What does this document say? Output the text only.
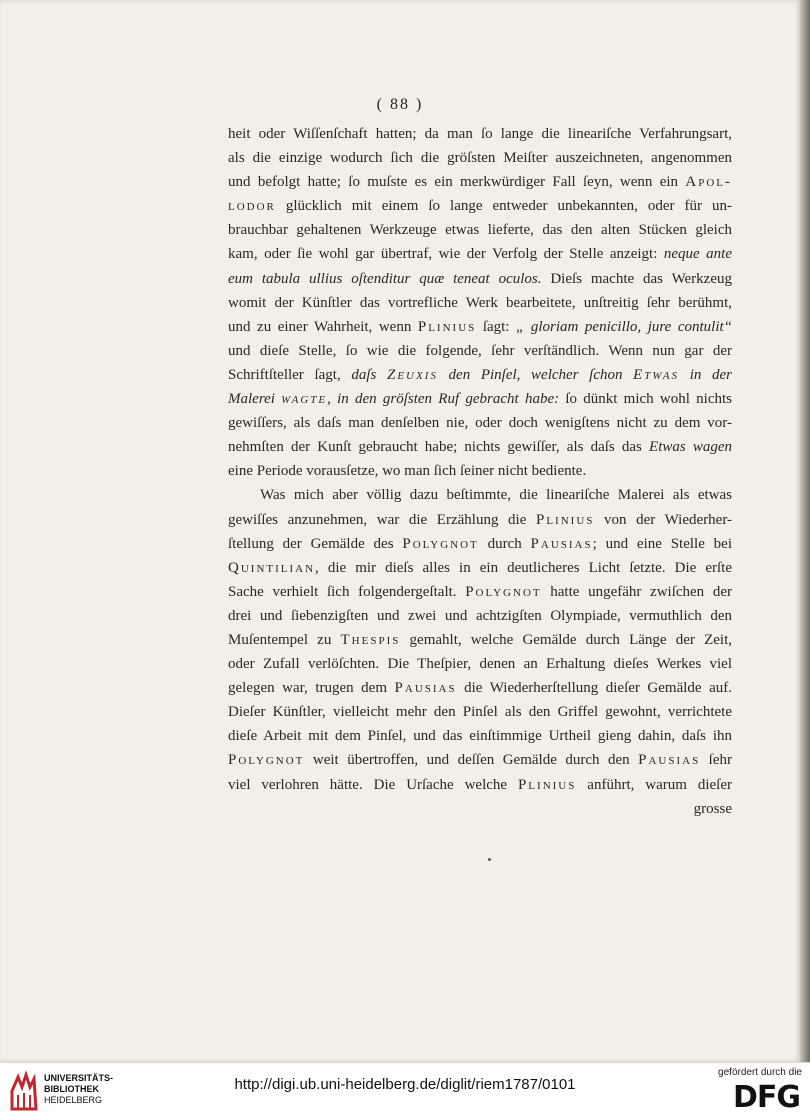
( 88 )
heit oder Wiſſenſchaft hatten; da man ſo lange die lineariſche Verfahrungsart,
als die einzige wodurch ſich die gröſsten Meiſter auszeichneten, angenommen
und befolgt hatte; ſo muſste es ein merkwürdiger Fall ſeyn, wenn ein Apol-
lodor glücklich mit einem ſo lange entweder unbekannten, oder für un-
brauchbar gehaltenen Werkzeuge etwas lieferte, das den alten Stücken gleich
kam, oder ſie wohl gar übertraf, wie der Verfolg der Stelle anzeigt: neque ante
eum tabula ullius oſtenditur quæ teneat oculos. Dieſs machte das Werkzeug
womit der Künſtler das vortrefliche Werk bearbeitete, unſtreitig ſehr berühmt,
und zu einer Wahrheit, wenn Plinius ſagt: „ gloriam penicillo, jure contulit“
und dieſe Stelle, ſo wie die folgende, ſehr verſtändlich. Wenn nun gar der
Schriftſteller ſagt, daſs Zeuxis den Pinſel, welcher ſchon Etwas in der
Malerei wagte, in den gröſsten Ruf gebracht habe: ſo dünkt mich wohl nichts
gewiſſers, als daſs man denſelben nie, oder doch wenigſtens nicht zu dem vor-
nehmſten der Kunſt gebraucht habe; nichts gewiſſer, als daſs das Etwas wagen
eine Periode vorausſetze, wo man ſich ſeiner nicht bediente.
Was mich aber völlig dazu beſtimmte, die lineariſche Malerei als etwas
gewiſſes anzunehmen, war die Erzählung die Plinius von der Wiederher-
ſtellung der Gemälde des Polygnot durch Pausias; und eine Stelle bei
Quintilian, die mir dieſs alles in ein deutlicheres Licht ſetzte. Die erſte
Sache verhielt ſich folgendergeſtalt. Polygnot hatte ungefähr zwiſchen der
drei und ſiebenzigſten und zwei und achtzigſten Olympiade, vermuthlich den
Muſentempel zu Thespis gemahlt, welche Gemälde durch Länge der Zeit,
oder Zufall verlöſchten. Die Theſpier, denen an Erhaltung dieſes Werkes viel
gelegen war, trugen dem Pausias die Wiederherſtellung dieſer Gemälde auf.
Dieſer Künſtler, vielleicht mehr den Pinſel als den Griffel gewohnt, verrichtete
dieſe Arbeit mit dem Pinſel, und das einſtimmige Urtheil gieng dahin, daſs ihn
Polygnot weit übertroffen, und deſſen Gemälde durch den Pausias ſehr
viel verlohren hätte. Die Urſache welche Plinius anführt, warum dieſer
grosse
UNIVERSITÄTS-
BIBLIOTHEK
HEIDELBERG
http://digi.ub.uni-heidelberg.de/diglit/riem1787/0101
gefördert durch die
DFG
